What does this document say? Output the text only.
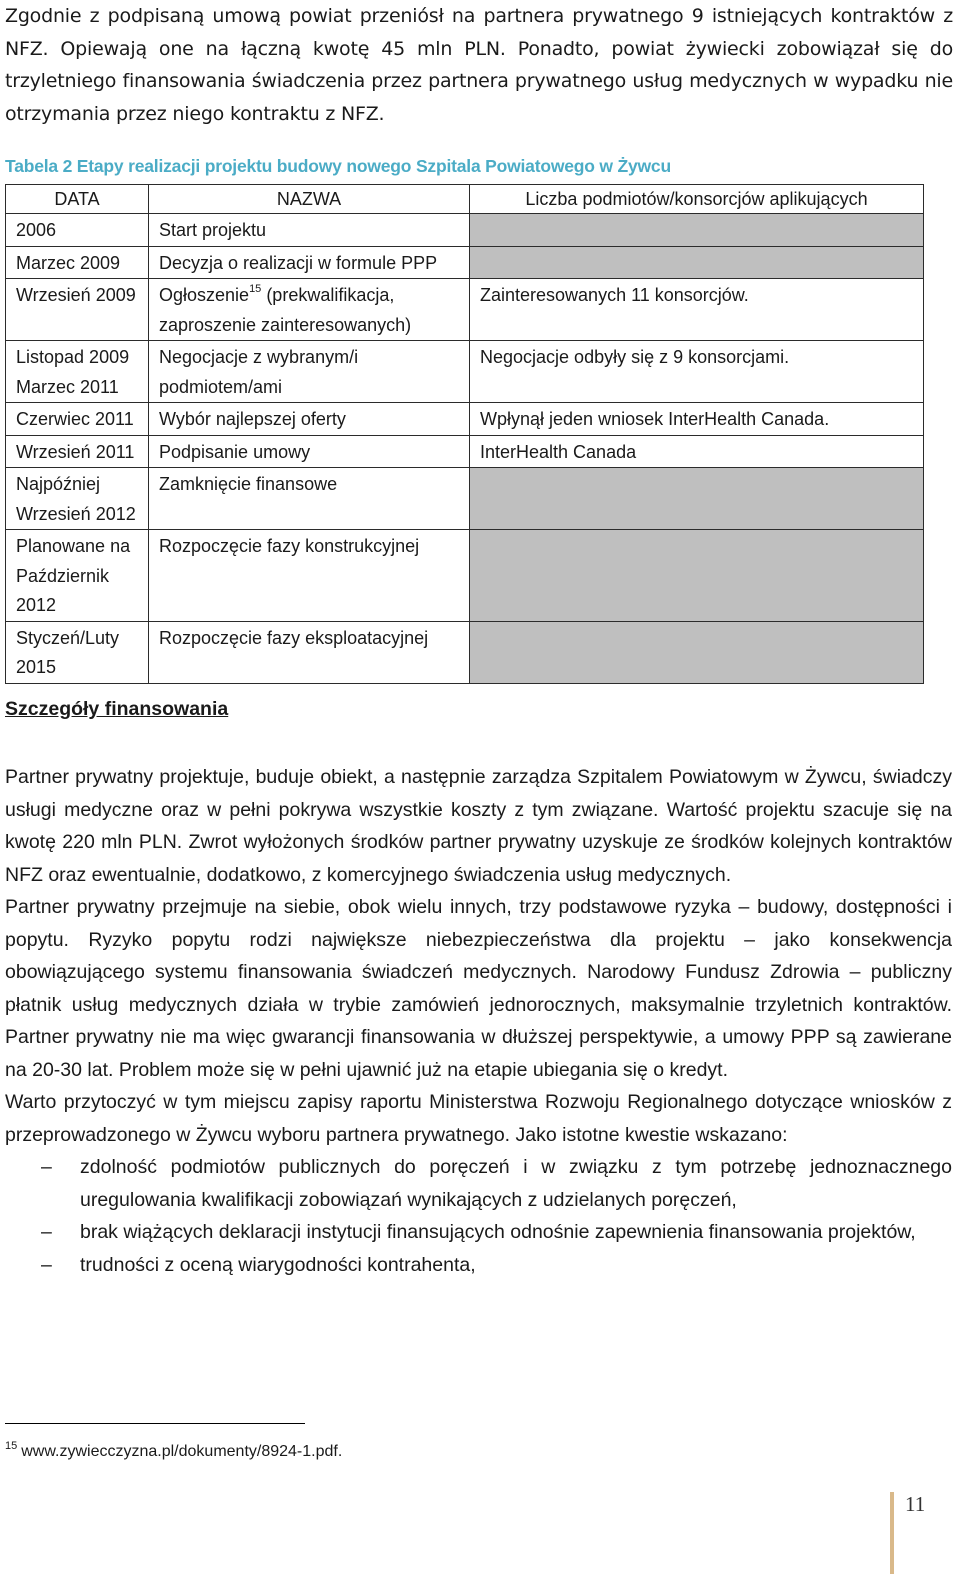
Zgodnie z podpisaną umową powiat przeniósł na partnera prywatnego 9 istniejących kontraktów z NFZ. Opiewają one na łączną kwotę 45 mln PLN. Ponadto, powiat żywiecki zobowiązał się do trzyletniego finansowania świadczenia przez partnera prywatnego usług medycznych w wypadku nie otrzymania przez niego kontraktu z NFZ.

Tabela 2 Etapy realizacji projektu budowy nowego Szpitala Powiatowego w Żywcu
DATA	NAZWA	Liczba podmiotów/konsorcjów aplikujących
2006	Start projektu	
Marzec 2009	Decyzja o realizacji w formule PPP	
Wrzesień 2009	Ogłoszenie$^{15}$ (prekwalifikacja, zaproszenie zainteresowanych)	Zainteresowanych 11 konsorcjów.
Listopad 2009 Marzec 2011	Negocjacje z wybranym/i podmiotem/ami	Negocjacje odbyły się z 9 konsorcjami.
Czerwiec 2011	Wybór najlepszej oferty	Wpłynął jeden wniosek InterHealth Canada.
Wrzesień 2011	Podpisanie umowy	InterHealth Canada
Najpóźniej Wrzesień 2012	Zamknięcie finansowe	
Planowane na Październik 2012	Rozpoczęcie fazy konstrukcyjnej	
Styczeń/Luty 2015	Rozpoczęcie fazy eksploatacyjnej	
Szczegóły finansowania

Partner prywatny projektuje, buduje obiekt, a następnie zarządza Szpitalem Powiatowym w Żywcu, świadczy usługi medyczne oraz w pełni pokrywa wszystkie koszty z tym związane. Wartość projektu szacuje się na kwotę 220 mln PLN. Zwrot wyłożonych środków partner prywatny uzyskuje ze środków kolejnych kontraktów NFZ oraz ewentualnie, dodatkowo, z komercyjnego świadczenia usług medycznych.

Partner prywatny przejmuje na siebie, obok wielu innych, trzy podstawowe ryzyka – budowy, dostępności i popytu. Ryzyko popytu rodzi największe niebezpieczeństwa dla projektu – jako konsekwencja obowiązującego systemu finansowania świadczeń medycznych. Narodowy Fundusz Zdrowia – publiczny płatnik usług medycznych działa w trybie zamówień jednorocznych, maksymalnie trzyletnich kontraktów. Partner prywatny nie ma więc gwarancji finansowania w dłuższej perspektywie, a umowy PPP są zawierane na 20-30 lat. Problem może się w pełni ujawnić już na etapie ubiegania się o kredyt.

Warto przytoczyć w tym miejscu zapisy raportu Ministerstwa Rozwoju Regionalnego dotyczące wniosków z przeprowadzonego w Żywcu wyboru partnera prywatnego. Jako istotne kwestie wskazano:

– zdolność podmiotów publicznych do poręczeń i w związku z tym potrzebę jednoznacznego uregulowania kwalifikacji zobowiązań wynikających z udzielanych poręczeń,
– brak wiążących deklaracji instytucji finansujących odnośnie zapewnienia finansowania projektów,
– trudności z oceną wiarygodności kontrahenta,
$^{15}$ www.zywiecczyzna.pl/dokumenty/8924-1.pdf.
11
